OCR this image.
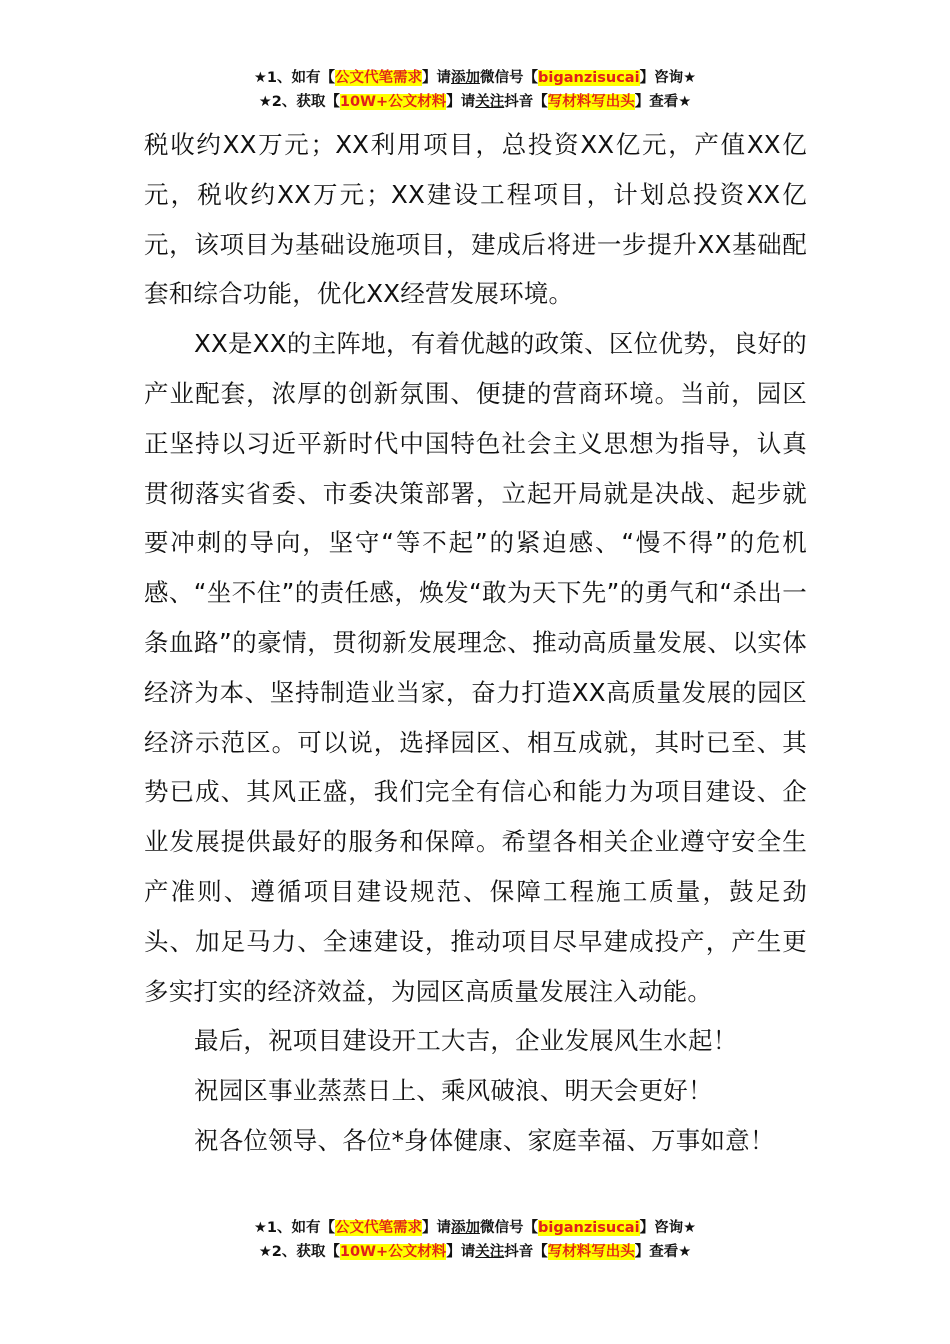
★1、如有【公文代笔需求】请添加微信号【biganzisucai】咨询★
★2、获取【10W+公文材料】请关注抖音【写材料写出头】查看★

税收约XX万元；XX利用项目，总投资XX亿元，产值XX亿元，税收约XX万元；XX建设工程项目，计划总投资XX亿元，该项目为基础设施项目，建成后将进一步提升XX基础配套和综合功能，优化XX经营发展环境。

XX是XX的主阵地，有着优越的政策、区位优势，良好的产业配套，浓厚的创新氛围、便捷的营商环境。当前，园区正坚持以习近平新时代中国特色社会主义思想为指导，认真贯彻落实省委、市委决策部署，立起开局就是决战、起步就要冲刺的导向，坚守“等不起”的紧迫感、“慢不得”的危机感、“坐不住”的责任感，焕发“敢为天下先”的勇气和“杀出一条血路”的豪情，贯彻新发展理念、推动高质量发展、以实体经济为本、坚持制造业当家，奋力打造XX高质量发展的园区经济示范区。可以说，选择园区、相互成就，其时已至、其势已成、其风正盛，我们完全有信心和能力为项目建设、企业发展提供最好的服务和保障。希望各相关企业遵守安全生产准则、遵循项目建设规范、保障工程施工质量，鼓足劲头、加足马力、全速建设，推动项目尽早建成投产，产生更多实打实的经济效益，为园区高质量发展注入动能。

最后，祝项目建设开工大吉，企业发展风生水起！

祝园区事业蒸蒸日上、乘风破浪、明天会更好！

祝各位领导、各位*身体健康、家庭幸福、万事如意！

★1、如有【公文代笔需求】请添加微信号【biganzisucai】咨询★
★2、获取【10W+公文材料】请关注抖音【写材料写出头】查看★
